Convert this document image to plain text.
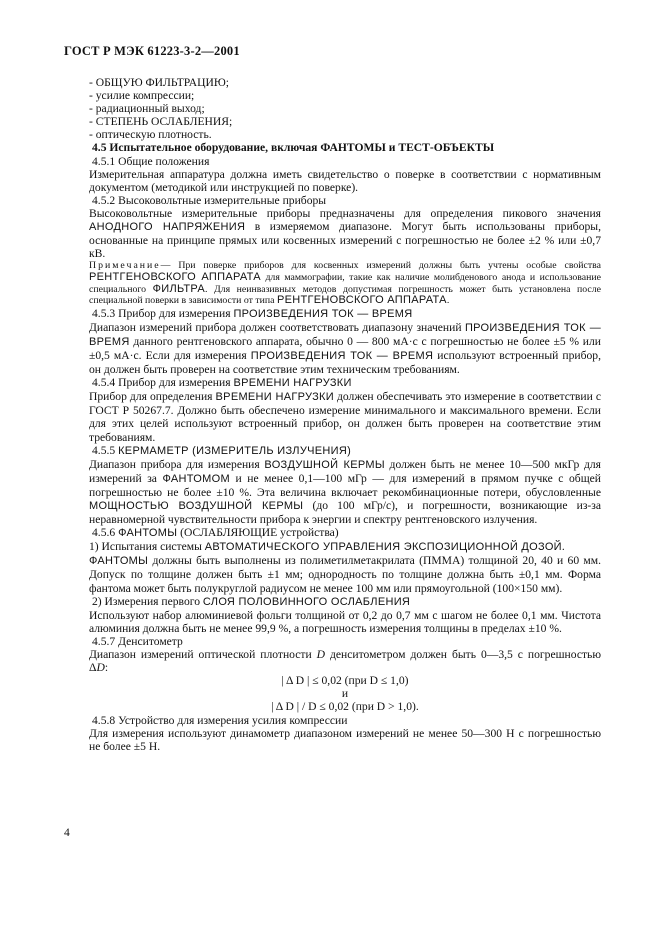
ГОСТ Р МЭК 61223-3-2—2001

- ОБЩУЮ ФИЛЬТРАЦИЮ;

- усилие компрессии;

- радиационный выход;

- СТЕПЕНЬ ОСЛАБЛЕНИЯ;

- оптическую плотность.

4.5 Испытательное оборудование, включая ФАНТОМЫ и ТЕСТ-ОБЪЕКТЫ

4.5.1 Общие положения

Измерительная аппаратура должна иметь свидетельство о поверке в соответствии с нормативным документом (методикой или инструкцией по поверке).

4.5.2 Высоковольтные измерительные приборы

Высоковольтные измерительные приборы предназначены для определения пикового значения АНОДНОГО НАПРЯЖЕНИЯ в измеряемом диапазоне. Могут быть использованы приборы, основанные на принципе прямых или косвенных измерений с погрешностью не более ±2 % или ±0,7 кВ.

Примечание— При поверке приборов для косвенных измерений должны быть учтены особые свойства РЕНТГЕНОВСКОГО АППАРАТА для маммографии, такие как наличие молибденового анода и использование специального ФИЛЬТРА. Для неинвазивных методов допустимая погрешность может быть установлена после специальной поверки в зависимости от типа РЕНТГЕНОВСКОГО АППАРАТА.

4.5.3 Прибор для измерения ПРОИЗВЕДЕНИЯ ТОК — ВРЕМЯ

Диапазон измерений прибора должен соответствовать диапазону значений ПРОИЗВЕДЕНИЯ ТОК — ВРЕМЯ данного рентгеновского аппарата, обычно 0 — 800 мА·с с погрешностью не более ±5 % или ±0,5 мА·с. Если для измерения ПРОИЗВЕДЕНИЯ ТОК — ВРЕМЯ используют встроенный прибор, он должен быть проверен на соответствие этим техническим требованиям.

4.5.4 Прибор для измерения ВРЕМЕНИ НАГРУЗКИ

Прибор для определения ВРЕМЕНИ НАГРУЗКИ должен обеспечивать это измерение в соответствии с ГОСТ Р 50267.7. Должно быть обеспечено измерение минимального и максимального времени. Если для этих целей используют встроенный прибор, он должен быть проверен на соответствие этим требованиям.

4.5.5 КЕРМАМЕТР (ИЗМЕРИТЕЛЬ ИЗЛУЧЕНИЯ)

Диапазон прибора для измерения ВОЗДУШНОЙ КЕРМЫ должен быть не менее 10—500 мкГр для измерений за ФАНТОМОМ и не менее 0,1—100 мГр — для измерений в прямом пучке с общей погрешностью не более ±10 %. Эта величина включает рекомбинационные потери, обусловленные МОЩНОСТЬЮ ВОЗДУШНОЙ КЕРМЫ (до 100 мГр/с), и погрешности, возникающие из-за неравномерной чувствительности прибора к энергии и спектру рентгеновского излучения.

4.5.6 ФАНТОМЫ (ОСЛАБЛЯЮЩИЕ устройства)

1) Испытания системы АВТОМАТИЧЕСКОГО УПРАВЛЕНИЯ ЭКСПОЗИЦИОННОЙ ДОЗОЙ.

ФАНТОМЫ должны быть выполнены из полиметилметакрилата (ПММА) толщиной 20, 40 и 60 мм. Допуск по толщине должен быть ±1 мм; однородность по толщине должна быть ±0,1 мм. Форма фантома может быть полукруглой радиусом не менее 100 мм или прямоугольной (100×150 мм).

2) Измерения первого СЛОЯ ПОЛОВИННОГО ОСЛАБЛЕНИЯ

Используют набор алюминиевой фольги толщиной от 0,2 до 0,7 мм с шагом не более 0,1 мм. Чистота алюминия должна быть не менее 99,9 %, а погрешность измерения толщины в пределах ±10 %.

4.5.7 Денситометр

Диапазон измерений оптической плотности D денситометром должен быть 0—3,5 с погрешностью ΔD:

| Δ D | ≤ 0,02 (при D ≤ 1,0)

и

| Δ D | / D ≤ 0,02 (при D > 1,0).

4.5.8 Устройство для измерения усилия компрессии

Для измерения используют динамометр диапазоном измерений не менее 50—300 Н с погрешностью не более ±5 Н.

4
